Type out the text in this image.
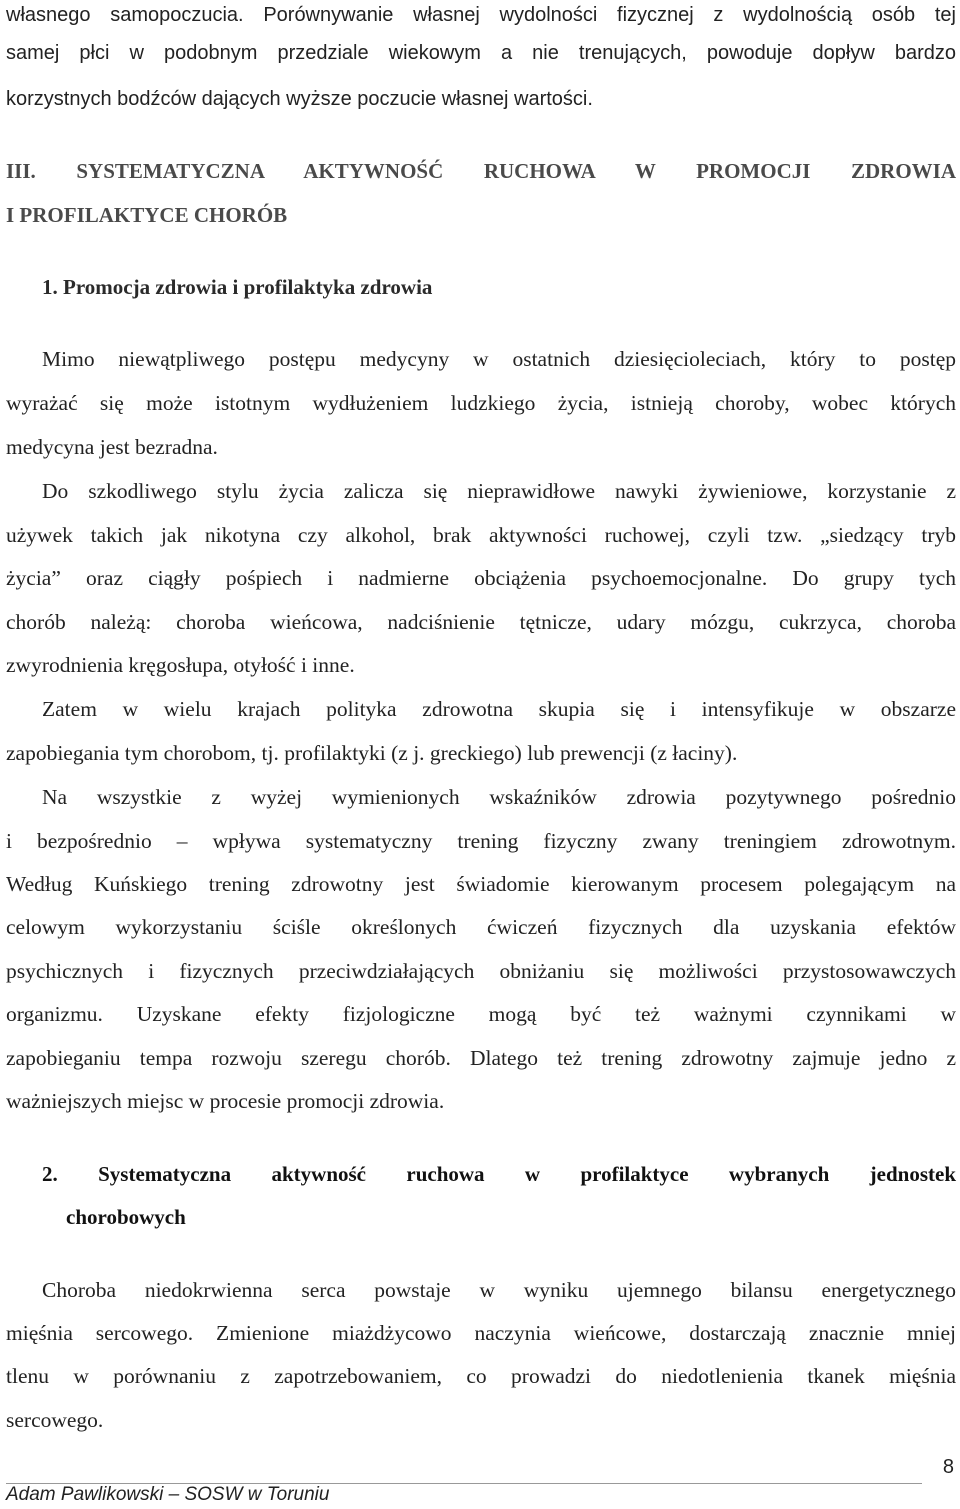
własnego samopoczucia. Porównywanie własnej wydolności fizycznej z wydolnością osób tej
samej płci w podobnym przedziale wiekowym a nie trenujących, powoduje dopływ bardzo
korzystnych bodźców dających wyższe poczucie własnej wartości.
III. SYSTEMATYCZNA AKTYWNOŚĆ RUCHOWA W PROMOCJI ZDROWIA
I PROFILAKTYCE CHORÓB
1. Promocja zdrowia i profilaktyka zdrowia
Mimo niewątpliwego postępu medycyny w ostatnich dziesięcioleciach, który to postęp
wyrażać się może istotnym wydłużeniem ludzkiego życia, istnieją choroby, wobec których
medycyna jest bezradna.
Do szkodliwego stylu życia zalicza się nieprawidłowe nawyki żywieniowe, korzystanie z
używek takich jak nikotyna czy alkohol, brak aktywności ruchowej, czyli tzw. „siedzący tryb
życia” oraz ciągły pośpiech i nadmierne obciążenia psychoemocjonalne. Do grupy tych
chorób należą: choroba wieńcowa, nadciśnienie tętnicze, udary mózgu, cukrzyca, choroba
zwyrodnienia kręgosłupa, otyłość i inne.
Zatem w wielu krajach polityka zdrowotna skupia się i intensyfikuje w obszarze
zapobiegania tym chorobom, tj. profilaktyki (z j. greckiego) lub prewencji (z łaciny).
Na wszystkie z wyżej wymienionych wskaźników zdrowia pozytywnego pośrednio
i bezpośrednio – wpływa systematyczny trening fizyczny zwany treningiem zdrowotnym.
Według Kuńskiego trening zdrowotny jest świadomie kierowanym procesem polegającym na
celowym wykorzystaniu ściśle określonych ćwiczeń fizycznych dla uzyskania efektów
psychicznych i fizycznych przeciwdziałających obniżaniu się możliwości przystosowawczych
organizmu. Uzyskane efekty fizjologiczne mogą być też ważnymi czynnikami w
zapobieganiu tempa rozwoju szeregu chorób. Dlatego też trening zdrowotny zajmuje jedno z
ważniejszych miejsc w procesie promocji zdrowia.
2. Systematyczna aktywność ruchowa w profilaktyce wybranych jednostek
chorobowych
Choroba niedokrwienna serca powstaje w wyniku ujemnego bilansu energetycznego
mięśnia sercowego. Zmienione miażdżycowo naczynia wieńcowe, dostarczają znacznie mniej
tlenu w porównaniu z zapotrzebowaniem, co prowadzi do niedotlenienia tkanek mięśnia
sercowego.
8
Adam Pawlikowski – SOSW w Toruniu
